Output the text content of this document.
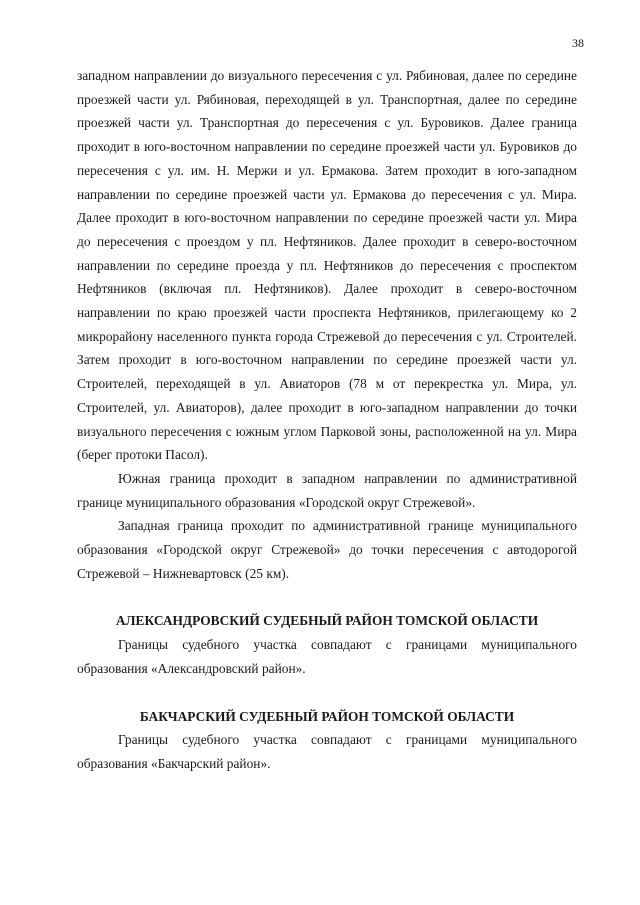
38

западном направлении до визуального пересечения с ул. Рябиновая, далее по середине проезжей части ул. Рябиновая, переходящей в ул. Транспортная, далее по середине проезжей части ул. Транспортная до пересечения с ул. Буровиков. Далее граница проходит в юго-восточном направлении по середине проезжей части ул. Буровиков до пересечения с ул. им. Н. Мержи и ул. Ермакова. Затем проходит в юго-западном направлении по середине проезжей части ул. Ермакова до пересечения с ул. Мира. Далее проходит в юго-восточном направлении по середине проезжей части ул. Мира до пересечения с проездом у пл. Нефтяников. Далее проходит в северо-восточном направлении по середине проезда у пл. Нефтяников до пересечения с проспектом Нефтяников (включая пл. Нефтяников). Далее проходит в северо-восточном направлении по краю проезжей части проспекта Нефтяников, прилегающему ко 2 микрорайону населенного пункта города Стрежевой до пересечения с ул. Строителей. Затем проходит в юго-восточном направлении по середине проезжей части ул. Строителей, переходящей в ул. Авиаторов (78 м от перекрестка ул. Мира, ул. Строителей, ул. Авиаторов), далее проходит в юго-западном направлении до точки визуального пересечения с южным углом Парковой зоны, расположенной на ул. Мира (берег протоки Пасол).

Южная граница проходит в западном направлении по административной границе муниципального образования «Городской округ Стрежевой».

Западная граница проходит по административной границе муниципального образования «Городской округ Стрежевой» до точки пересечения с автодорогой Стрежевой – Нижневартовск (25 км).

АЛЕКСАНДРОВСКИЙ СУДЕБНЫЙ РАЙОН ТОМСКОЙ ОБЛАСТИ

Границы судебного участка совпадают с границами муниципального образования «Александровский район».

БАКЧАРСКИЙ СУДЕБНЫЙ РАЙОН ТОМСКОЙ ОБЛАСТИ

Границы судебного участка совпадают с границами муниципального образования «Бакчарский район».
